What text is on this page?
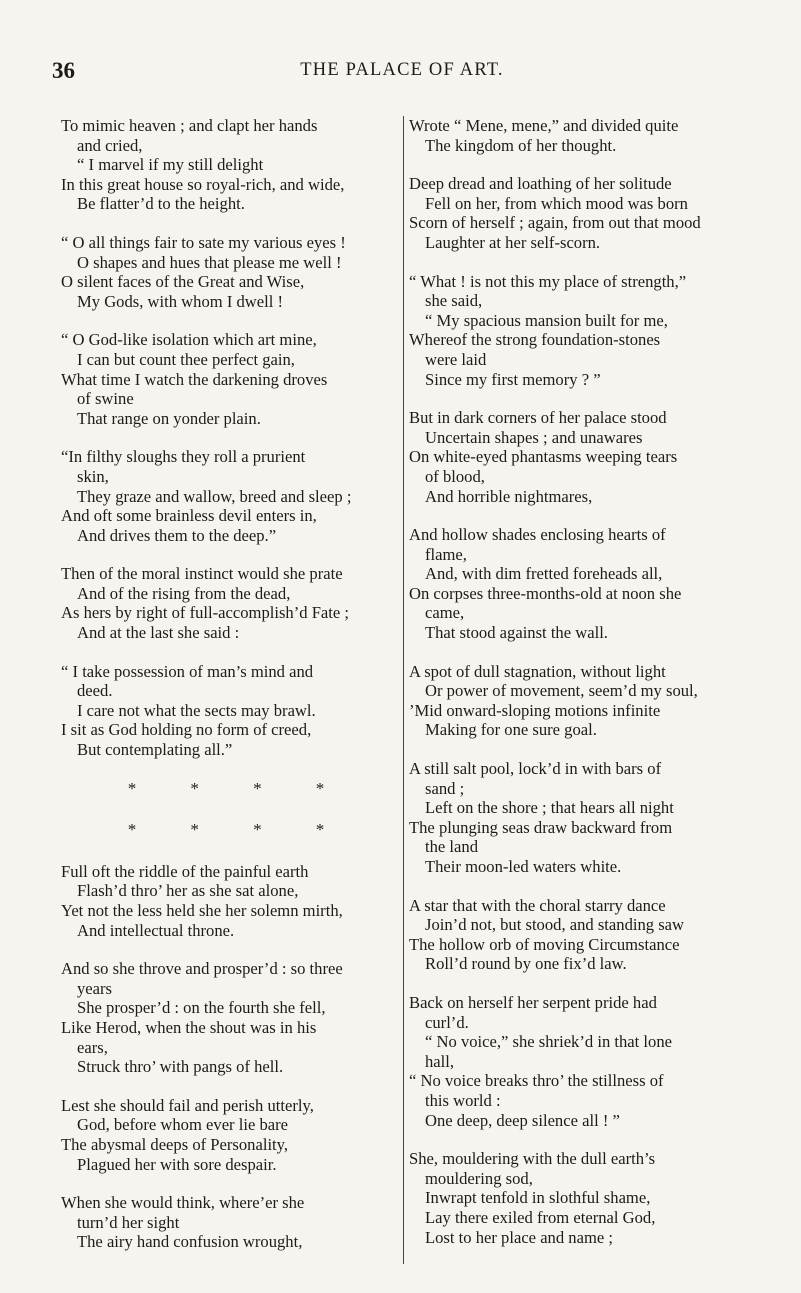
36	THE PALACE OF ART.
To mimic heaven ; and clapt her hands
and cried,
“ I marvel if my still delight
In this great house so royal-rich, and wide,
Be flatter’d to the height.
“ O all things fair to sate my various eyes !
O shapes and hues that please me well !
O silent faces of the Great and Wise,
My Gods, with whom I dwell !
“ O God-like isolation which art mine,
I can but count thee perfect gain,
What time I watch the darkening droves
of swine
That range on yonder plain.
“In filthy sloughs they roll a prurient
skin,
They graze and wallow, breed and sleep ;
And oft some brainless devil enters in,
And drives them to the deep.”
Then of the moral instinct would she prate
And of the rising from the dead,
As hers by right of full-accomplish’d Fate ;
And at the last she said :
“ I take possession of man’s mind and
deed.
I care not what the sects may brawl.
I sit as God holding no form of creed,
But contemplating all.”
*	*	*	*
*	*	*	*
Full oft the riddle of the painful earth
Flash’d thro’ her as she sat alone,
Yet not the less held she her solemn mirth,
And intellectual throne.
And so she throve and prosper’d : so three
years
She prosper’d : on the fourth she fell,
Like Herod, when the shout was in his
ears,
Struck thro’ with pangs of hell.
Lest she should fail and perish utterly,
God, before whom ever lie bare
The abysmal deeps of Personality,
Plagued her with sore despair.
When she would think, where’er she
turn’d her sight
The airy hand confusion wrought,
Wrote “ Mene, mene,” and divided quite
The kingdom of her thought.
Deep dread and loathing of her solitude
Fell on her, from which mood was born
Scorn of herself ; again, from out that mood
Laughter at her self-scorn.
“ What ! is not this my place of strength,”
she said,
“ My spacious mansion built for me,
Whereof the strong foundation-stones
were laid
Since my first memory ? ”
But in dark corners of her palace stood
Uncertain shapes ; and unawares
On white-eyed phantasms weeping tears
of blood,
And horrible nightmares,
And hollow shades enclosing hearts of
flame,
And, with dim fretted foreheads all,
On corpses three-months-old at noon she
came,
That stood against the wall.
A spot of dull stagnation, without light
Or power of movement, seem’d my soul,
’Mid onward-sloping motions infinite
Making for one sure goal.
A still salt pool, lock’d in with bars of
sand ;
Left on the shore ; that hears all night
The plunging seas draw backward from
the land
Their moon-led waters white.
A star that with the choral starry dance
Join’d not, but stood, and standing saw
The hollow orb of moving Circumstance
Roll’d round by one fix’d law.
Back on herself her serpent pride had
curl’d.
“ No voice,” she shriek’d in that lone
hall,
“ No voice breaks thro’ the stillness of
this world :
One deep, deep silence all ! ”
She, mouldering with the dull earth’s
mouldering sod,
Inwrapt tenfold in slothful shame,
Lay there exiled from eternal God,
Lost to her place and name ;
